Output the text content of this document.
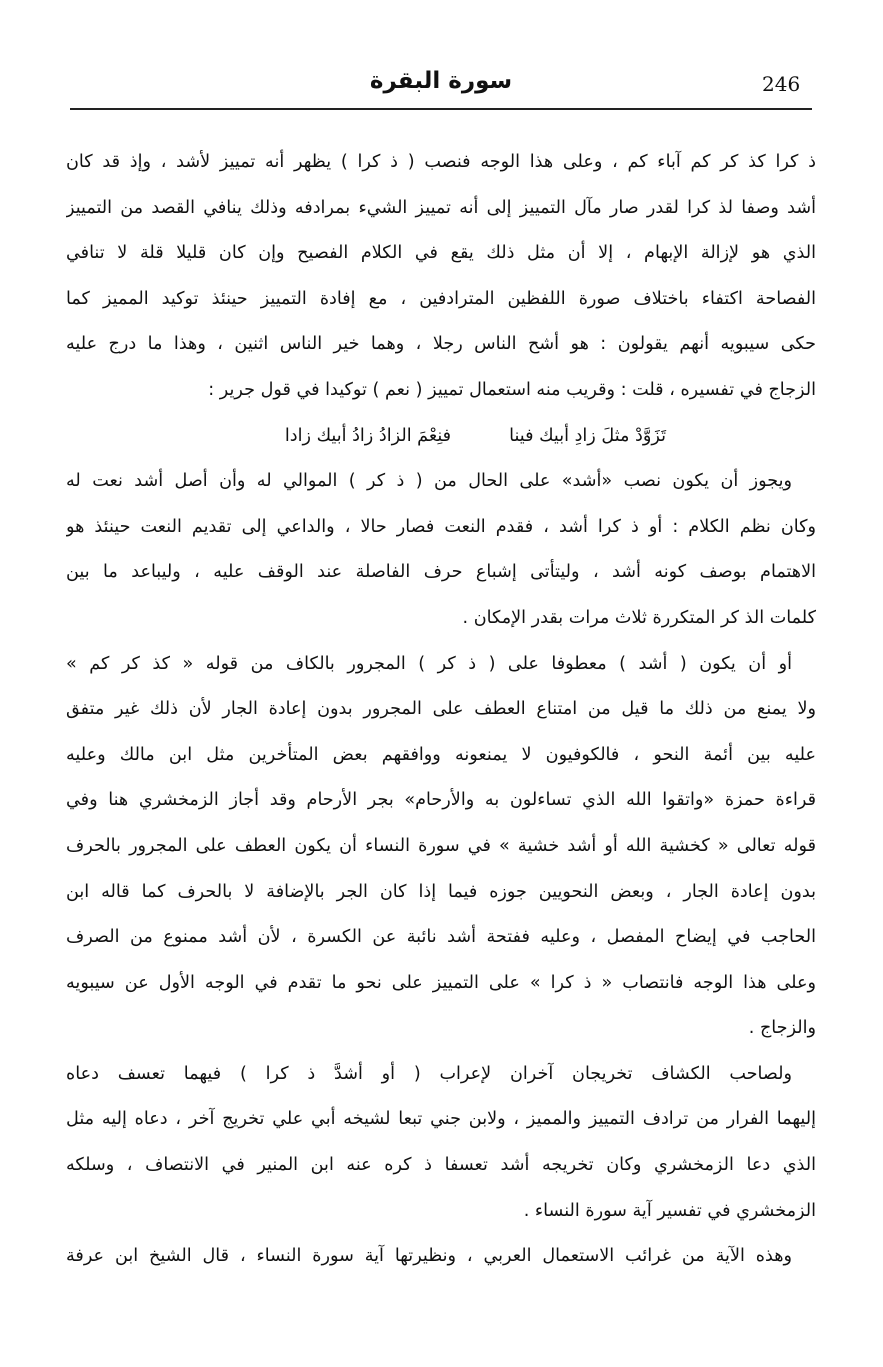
246
سورة البقرة
ذ كرا كذ كر كم آباء كم ، وعلى هذا الوجه فنصب ( ذ كرا ) يظهر أنه تمييز لأشد ، وإذ قد كان
أشد وصفا لذ كرا لقدر صار مآل التمييز إلى أنه تمييز الشيء بمرادفه وذلك ينافي القصد من التمييز
الذي هو لإزالة الإبهام ، إلا أن مثل ذلك يقع في الكلام الفصيح وإن كان قليلا قلة لا تنافي
الفصاحة اكتفاء باختلاف صورة اللفظين المترادفين ، مع إفادة التمييز حينئذ توكيد المميز كما
حكى سيبويه أنهم يقولون : هو أشح الناس رجلا ، وهما خير الناس اثنين ، وهذا ما درج عليه
الزجاج في تفسيره ، قلت : وقريب منه استعمال تمييز ( نعم ) توكيدا في قول جرير :
تَزَوَّدْ مثلَ زادِ أبيك فينا
فنِعْمَ الزادُ زادُ أبيك زادا
ويجوز أن يكون نصب «أشد» على الحال من ( ذ كر ) الموالي له وأن أصل أشد نعت له
وكان نظم الكلام : أو ذ كرا أشد ، فقدم النعت فصار حالا ، والداعي إلى تقديم النعت حينئذ هو
الاهتمام بوصف كونه أشد ، وليتأتى إشباع حرف الفاصلة عند الوقف عليه ، وليباعد ما بين
كلمات الذ كر المتكررة ثلاث مرات بقدر الإمكان .
أو أن يكون ( أشد ) معطوفا على ( ذ كر ) المجرور بالكاف من قوله « كذ كر كم »
ولا يمنع من ذلك ما قيل من امتناع العطف على المجرور بدون إعادة الجار لأن ذلك غير متفق
عليه بين أئمة النحو ، فالكوفيون لا يمنعونه ووافقهم بعض المتأخرين مثل ابن مالك وعليه
قراءة حمزة «واتقوا الله الذي تساءلون به والأرحام» بجر الأرحام وقد أجاز الزمخشري هنا وفي
قوله تعالى « كخشية الله أو أشد خشية » في سورة النساء أن يكون العطف على المجرور بالحرف
بدون إعادة الجار ، وبعض النحويين جوزه فيما إذا كان الجر بالإضافة لا بالحرف كما قاله ابن
الحاجب في إيضاح المفصل ، وعليه ففتحة أشد نائبة عن الكسرة ، لأن أشد ممنوع من الصرف
وعلى هذا الوجه فانتصاب « ذ كرا » على التمييز على نحو ما تقدم في الوجه الأول عن سيبويه
والزجاج .
ولصاحب الكشاف تخريجان آخران لإعراب ( أو أشدَّ ذ كرا ) فيهما تعسف دعاه
إليهما الفرار من ترادف التمييز والمميز ، ولابن جني تبعا لشيخه أبي علي تخريج آخر ، دعاه إليه مثل
الذي دعا الزمخشري وكان تخريجه أشد تعسفا ذ كره عنه ابن المنير في الانتصاف ، وسلكه
الزمخشري في تفسير آية سورة النساء .
وهذه الآية من غرائب الاستعمال العربي ، ونظيرتها آية سورة النساء ، قال الشيخ ابن عرفة
